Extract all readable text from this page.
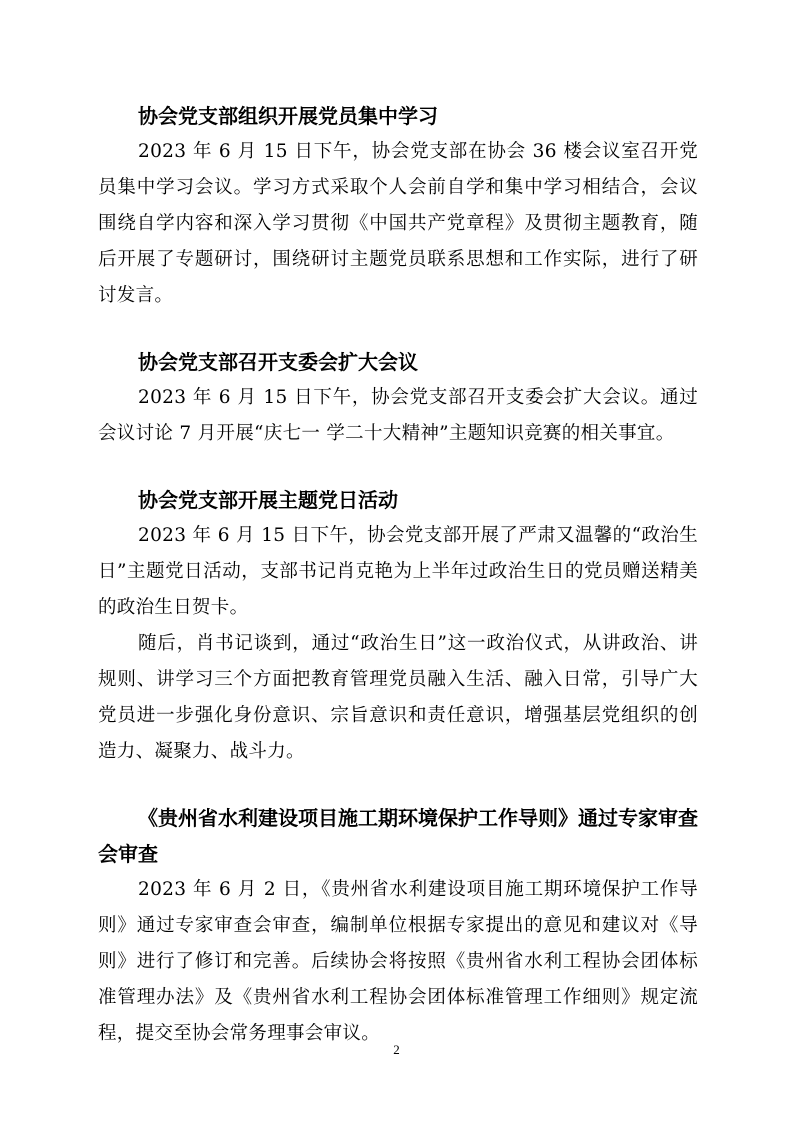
协会党支部组织开展党员集中学习

2023 年 6 月 15 日下午，协会党支部在协会 36 楼会议室召开党员集中学习会议。学习方式采取个人会前自学和集中学习相结合，会议围绕自学内容和深入学习贯彻《中国共产党章程》及贯彻主题教育，随后开展了专题研讨，围绕研讨主题党员联系思想和工作实际，进行了研讨发言。

协会党支部召开支委会扩大会议

2023 年 6 月 15 日下午，协会党支部召开支委会扩大会议。通过会议讨论 7 月开展“庆七一 学二十大精神”主题知识竞赛的相关事宜。

协会党支部开展主题党日活动

2023 年 6 月 15 日下午，协会党支部开展了严肃又温馨的“政治生日”主题党日活动，支部书记肖克艳为上半年过政治生日的党员赠送精美的政治生日贺卡。

随后，肖书记谈到，通过“政治生日”这一政治仪式，从讲政治、讲规则、讲学习三个方面把教育管理党员融入生活、融入日常，引导广大党员进一步强化身份意识、宗旨意识和责任意识，增强基层党组织的创造力、凝聚力、战斗力。

《贵州省水利建设项目施工期环境保护工作导则》通过专家审查会审查

2023 年 6 月 2 日，《贵州省水利建设项目施工期环境保护工作导则》通过专家审查会审查，编制单位根据专家提出的意见和建议对《导则》进行了修订和完善。后续协会将按照《贵州省水利工程协会团体标准管理办法》及《贵州省水利工程协会团体标准管理工作细则》规定流程，提交至协会常务理事会审议。

2
